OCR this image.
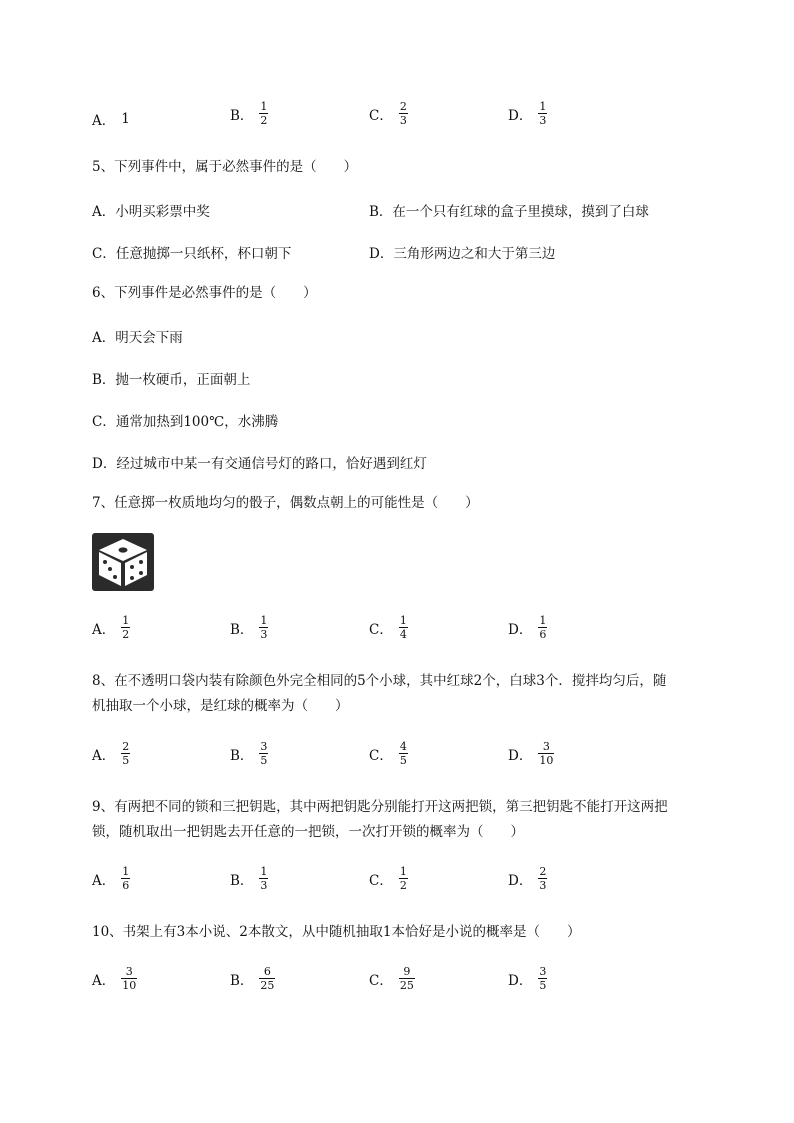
A． 1	B． $\frac{1}{2}$	C． $\frac{2}{3}$	D． $\frac{1}{3}$
5、下列事件中，属于必然事件的是（　　）
A． 小明买彩票中奖	B． 在一个只有红球的盒子里摸球，摸到了白球
C． 任意抛掷一只纸杯，杯口朝下	D． 三角形两边之和大于第三边
6、下列事件是必然事件的是（　　）
A． 明天会下雨
B． 抛一枚硬币，正面朝上
C． 通常加热到100℃，水沸腾
D． 经过城市中某一有交通信号灯的路口，恰好遇到红灯
7、任意掷一枚质地均匀的骰子，偶数点朝上的可能性是（　　）
A． $\frac{1}{2}$	B． $\frac{1}{3}$	C． $\frac{1}{4}$	D． $\frac{1}{6}$
8、在不透明口袋内装有除颜色外完全相同的5个小球，其中红球2个，白球3个．搅拌均匀后，随
机抽取一个小球，是红球的概率为（　　）
A． $\frac{2}{5}$	B． $\frac{3}{5}$	C． $\frac{4}{5}$	D． $\frac{3}{10}$
9、有两把不同的锁和三把钥匙，其中两把钥匙分别能打开这两把锁，第三把钥匙不能打开这两把
锁，随机取出一把钥匙去开任意的一把锁，一次打开锁的概率为（　　）
A． $\frac{1}{6}$	B． $\frac{1}{3}$	C． $\frac{1}{2}$	D． $\frac{2}{3}$
10、书架上有3本小说、2本散文，从中随机抽取1本恰好是小说的概率是（　　）
A． $\frac{3}{10}$	B． $\frac{6}{25}$	C． $\frac{9}{25}$	D． $\frac{3}{5}$
